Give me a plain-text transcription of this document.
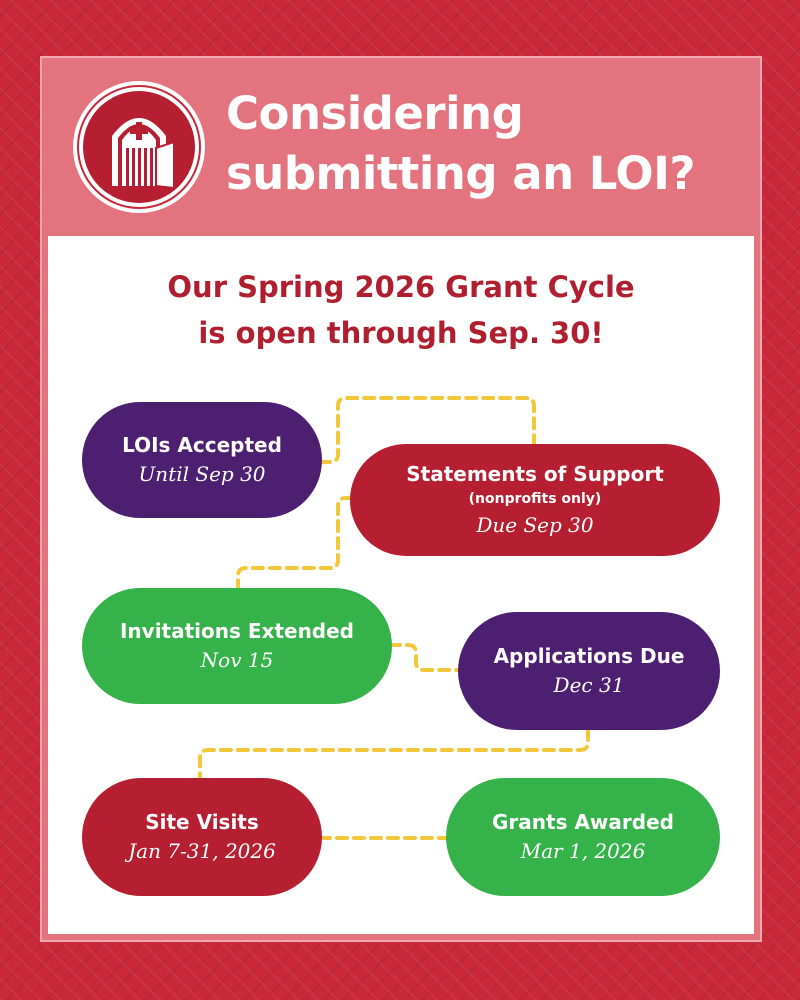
Considering
submitting an LOI?
Our Spring 2026 Grant Cycle
is open through Sep. 30!
LOIs Accepted
Until Sep 30	Statements of Support
(nonprofits only)
Due Sep 30
Invitations Extended
Nov 15	Applications Due
Dec 31
Site Visits
Jan 7-31, 2026
Grants Awarded
Mar 1, 2026
